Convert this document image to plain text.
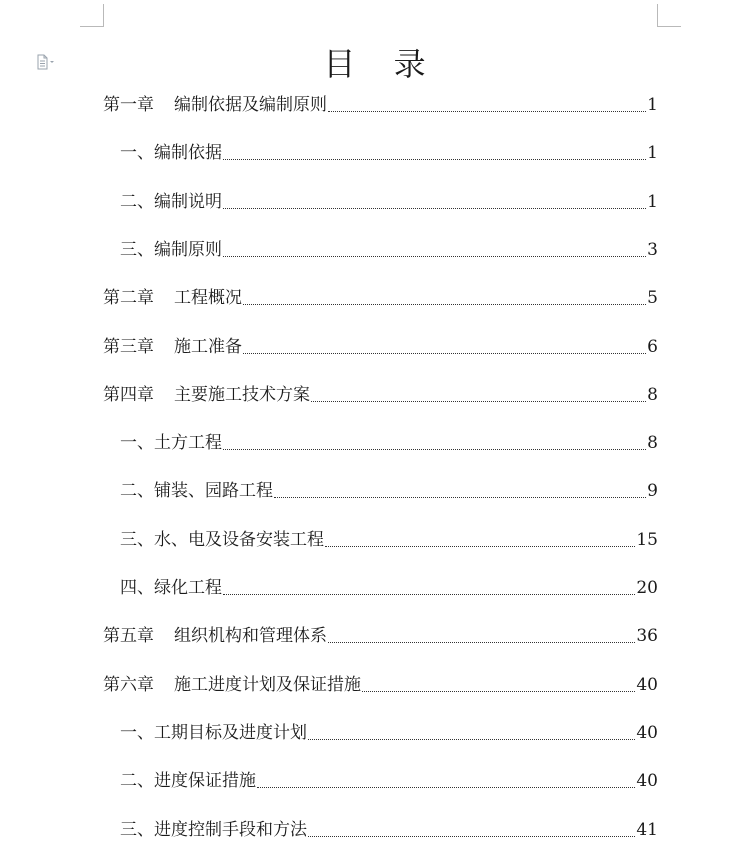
目 录
第一章 编制依据及编制原则	1
一、编制依据	1
二、编制说明	1
三、编制原则	3
第二章 工程概况	5
第三章 施工准备	6
第四章 主要施工技术方案	8
一、土方工程	8
二、铺装、园路工程	9
三、水、电及设备安装工程	15
四、绿化工程	20
第五章 组织机构和管理体系	36
第六章 施工进度计划及保证措施	40
一、工期目标及进度计划	40
二、进度保证措施	40
三、进度控制手段和方法	41
